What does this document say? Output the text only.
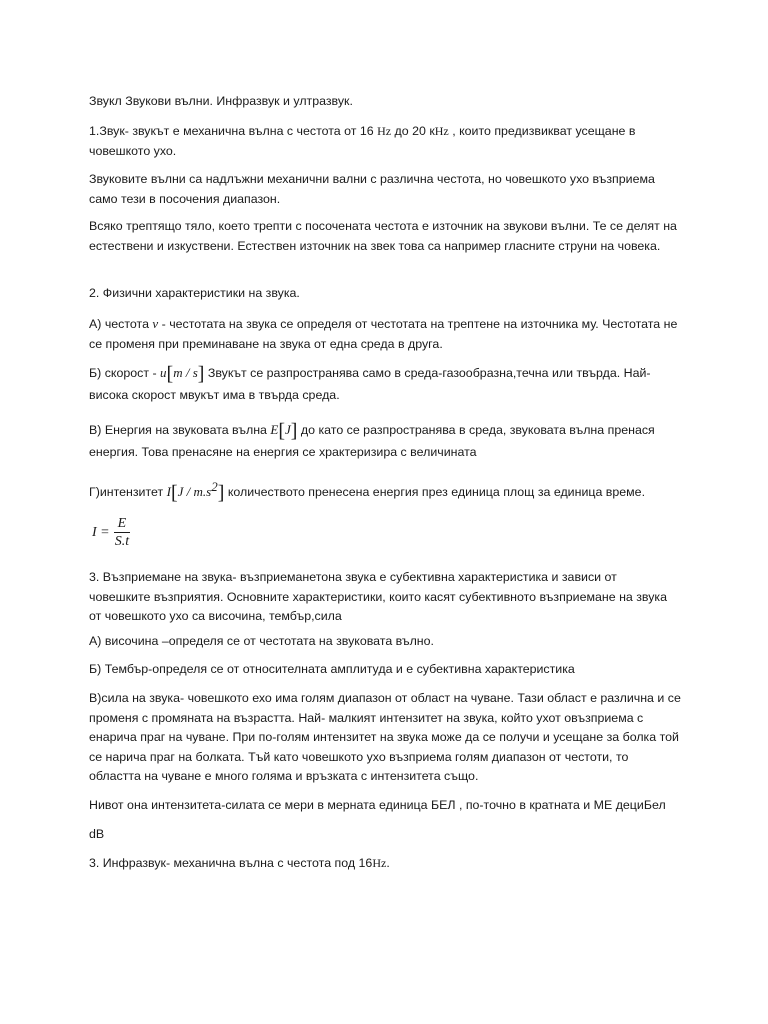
Звукл Звукови вълни. Инфразвук и ултразвук.

1.Звук- звукът е механична вълна с честота от 16 Hz до 20 кHz , които предизвикват усещане в човешкото ухо.

Звуковите вълни са надлъжни механични вални с различна честота, но човешкото ухо възприема само тези в посочения диапазон.

Всяко трептящо тяло, което трепти с посочената честота е източник на звукови вълни. Те се делят на естествени и изкуствени. Естествен източник на звек това са например гласните струни на човека.

2. Физични характеристики на звука.

А) честота ν - честотата на звука се определя от честотата на трептене на източника му. Честотата не се променя при преминаване на звука от една среда в друга.

Б) скорост - u[m / s] Звукът се разпространява само в среда-газообразна,течна или твърда. Най- висока скорост мвукът има в твърда среда.

В) Енергия на звуковата вълна E[J] до като се разпространява в среда, звуковата вълна пренася енергия. Това пренасяне на енергия се храктеризира с величината

Г)интензитет $I[J / m.s^2]$ количеството пренесена енергия през единица площ за единица време.

$I = \frac{E}{S.t}$

3. Възприемане на звука- възприеманетона звука е субективна характеристика и зависи от човешките възприятия. Основните характеристики, които касят субективното възприемане на звука от човешкото ухо са височина, тембър,сила

А) височина –определя се от честотата на звуковата вълно.

Б) Тембър-определя се от относителната амплитуда и е субективна характеристика

В)сила на звука- човешкото ехо има голям диапазон от област на чуване. Тази област е различна и се променя с промяната на възрастта. Най- малкият интензитет на звука, който ухот овъзприема с енарича праг на чуване. При по-голям интензитет на звука може да се получи и усещане за болка той се нарича праг на болката. Тъй като човешкото ухо възприема голям диапазон от честоти, то областта на чуване е много голяма и връзката с интензитета също.

Нивот она интензитета-силата се мери в мерната единица БЕЛ , по-точно в кратната и МЕ дециБел

dB

3. Инфразвук- механична вълна с честота под 16Hz.
